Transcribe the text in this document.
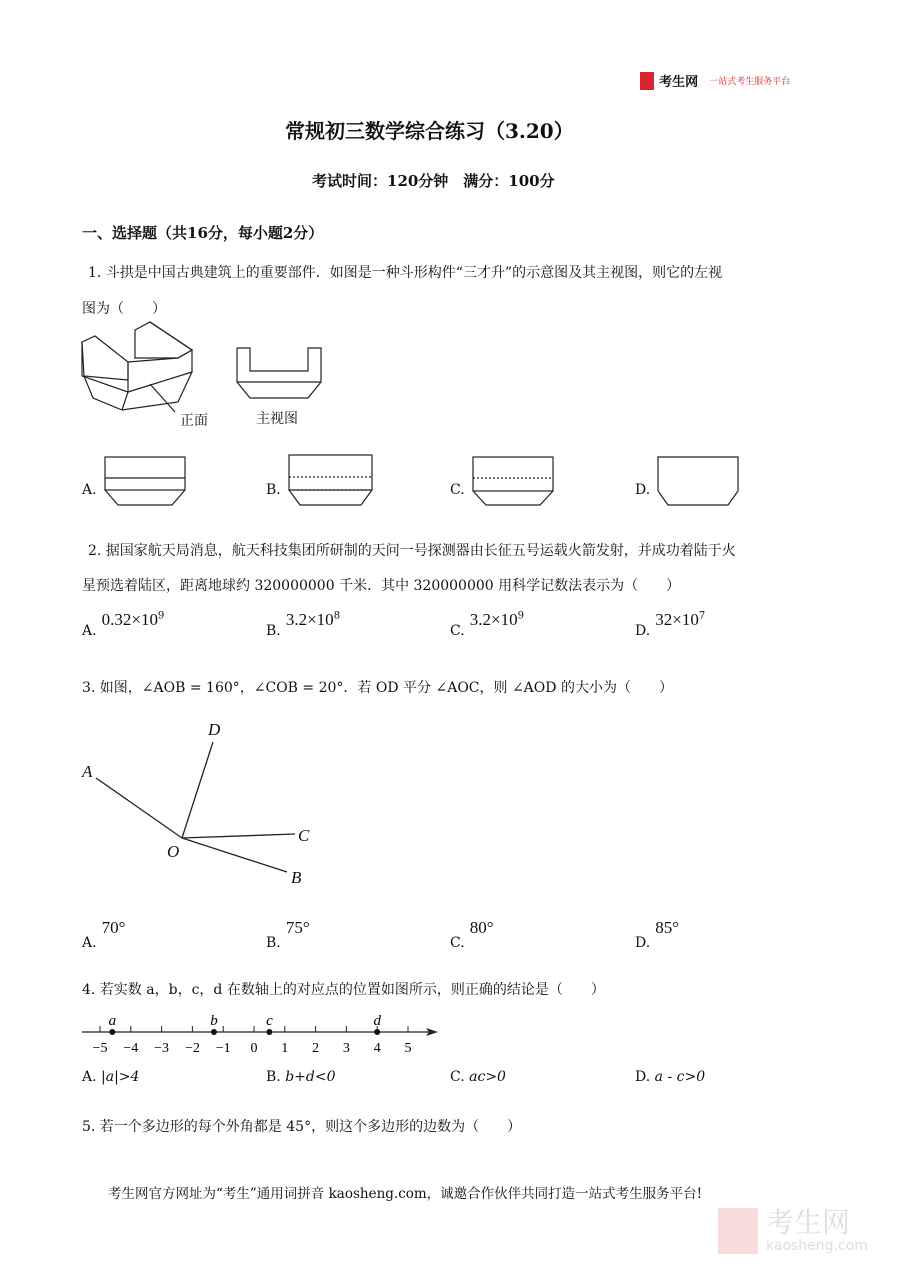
考生网 一站式考生服务平台
常规初三数学综合练习（3.20）
考试时间：120分钟　满分：100分
一、选择题（共16分，每小题2分）
1. 斗拱是中国古典建筑上的重要部件．如图是一种斗形构件“三才升”的示意图及其主视图，则它的左视
图为（　　）
正面	主视图
A.	B.	C.	D.
2. 据国家航天局消息，航天科技集团所研制的天问一号探测器由长征五号运载火箭发射，并成功着陆于火
星预选着陆区，距离地球约 320000000 千米．其中 320000000 用科学记数法表示为（　　）
A. $0.32\times 10^9$
B. $3.2\times 10^8$
C. $3.2\times 10^9$
D. $32\times 10^7$
3. 如图，∠AOB = 160°，∠COB = 20°．若 OD 平分 ∠AOC，则 ∠AOD 的大小为（　　）
A
D
C
O
B
A. 70°
B. 75°
C. 80°
D. 85°
4. 若实数 a，b，c，d 在数轴上的对应点的位置如图所示，则正确的结论是（　　）
−5 −4 −3 −2 −1 0 1 2 3 4 5
a	b	c	d
A. |a|>4	B. b+d<0	C. ac>0	D. a - c>0
5. 若一个多边形的每个外角都是 45°，则这个多边形的边数为（　　）
考生网官方网址为“考生”通用词拼音 kaosheng.com，诚邀合作伙伴共同打造一站式考生服务平台!
考生网
kaosheng.com
